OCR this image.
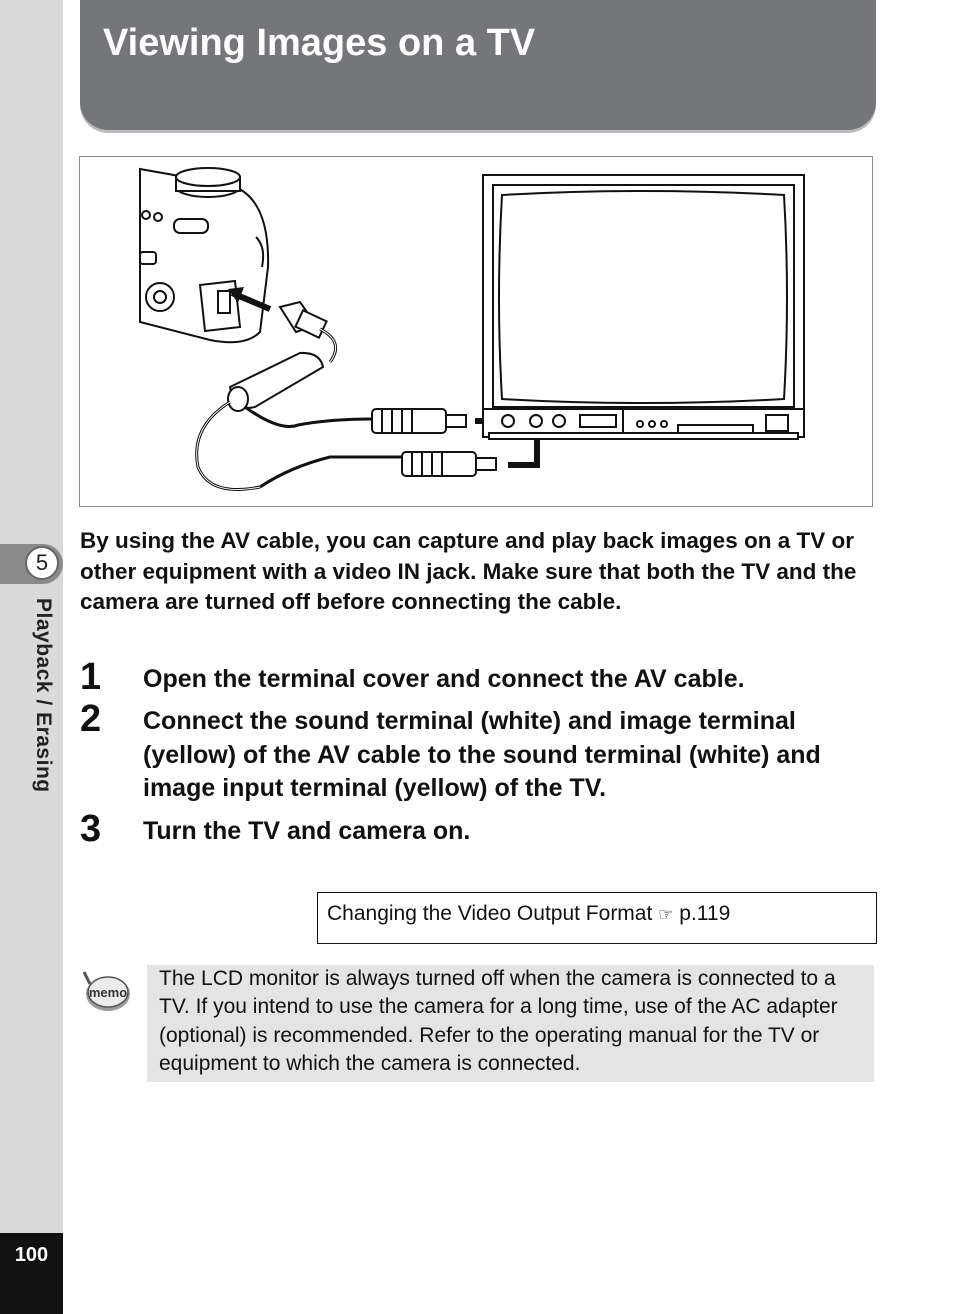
5
Playback / Erasing
100
Viewing Images on a TV

By using the AV cable, you can capture and play back images on a TV or other equipment with a video IN jack. Make sure that both the TV and the camera are turned off before connecting the cable.

1 Open the terminal cover and connect the AV cable.
2 Connect the sound terminal (white) and image terminal (yellow) of the AV cable to the sound terminal (white) and image input terminal (yellow) of the TV.
3 Turn the TV and camera on.
Changing the Video Output Format ☞ p.119
memo
The LCD monitor is always turned off when the camera is connected to a TV. If you intend to use the camera for a long time, use of the AC adapter (optional) is recommended. Refer to the operating manual for the TV or equipment to which the camera is connected.
